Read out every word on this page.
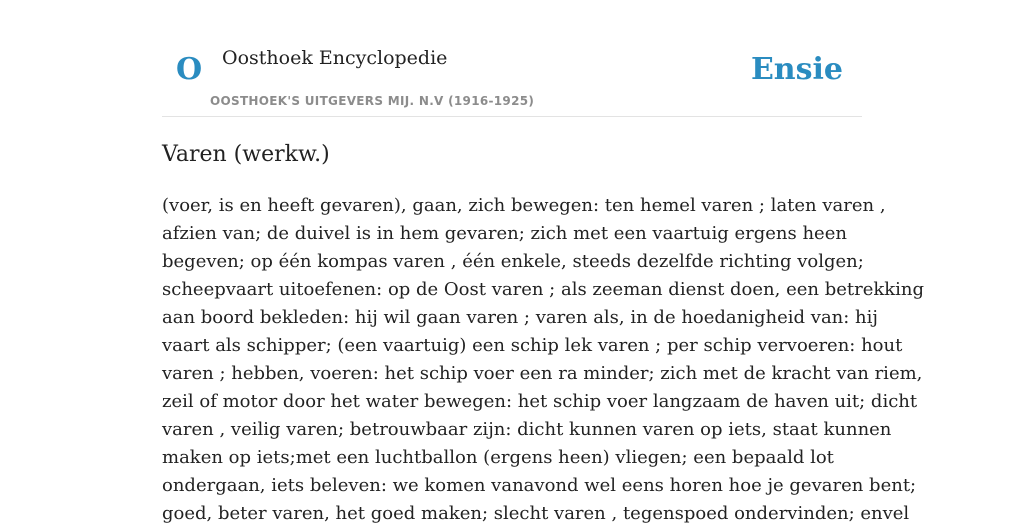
O Oosthoek Encyclopedie
OOSTHOEK'S UITGEVERS MIJ. N.V (1916-1925)
Ensie
Varen (werkw.)
(voer, is en heeft gevaren), gaan, zich bewegen: ten hemel varen ; laten varen ,
afzien van; de duivel is in hem gevaren; zich met een vaartuig ergens heen
begeven; op één kompas varen , één enkele, steeds dezelfde richting volgen;
scheepvaart uitoefenen: op de Oost varen ; als zeeman dienst doen, een betrekking
aan boord bekleden: hij wil gaan varen ; varen als, in de hoedanigheid van: hij
vaart als schipper; (een vaartuig) een schip lek varen ; per schip vervoeren: hout
varen ; hebben, voeren: het schip voer een ra minder; zich met de kracht van riem,
zeil of motor door het water bewegen: het schip voer langzaam de haven uit; dicht
varen , veilig varen; betrouwbaar zijn: dicht kunnen varen op iets, staat kunnen
maken op iets;met een luchtballon (ergens heen) vliegen; een bepaald lot
ondergaan, iets beleven: we komen vanavond wel eens horen hoe je gevaren bent;
goed, beter varen, het goed maken; slecht varen , tegenspoed ondervinden; envel
